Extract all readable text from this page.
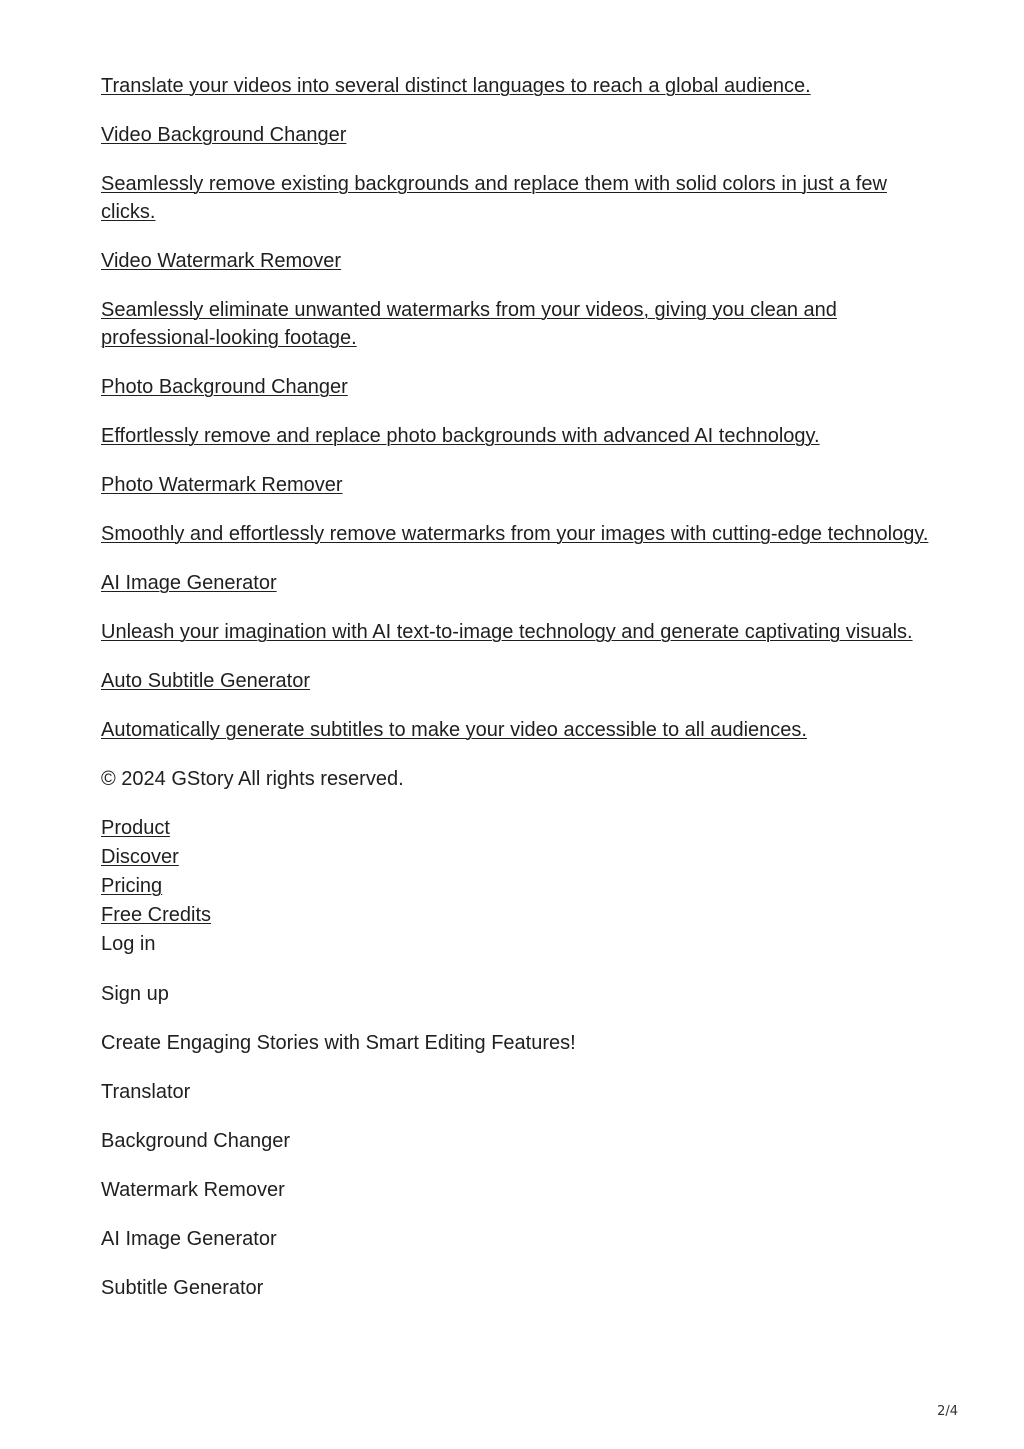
Translate your videos into several distinct languages to reach a global audience.
Video Background Changer
Seamlessly remove existing backgrounds and replace them with solid colors in just a few clicks.
Video Watermark Remover
Seamlessly eliminate unwanted watermarks from your videos, giving you clean and professional-looking footage.
Photo Background Changer
Effortlessly remove and replace photo backgrounds with advanced AI technology.
Photo Watermark Remover
Smoothly and effortlessly remove watermarks from your images with cutting-edge technology.
AI Image Generator
Unleash your imagination with AI text-to-image technology and generate captivating visuals.
Auto Subtitle Generator
Automatically generate subtitles to make your video accessible to all audiences.
© 2024 GStory All rights reserved.
Product
Discover
Pricing
Free Credits
Log in
Sign up
Create Engaging Stories with Smart Editing Features!
Translator
Background Changer
Watermark Remover
AI Image Generator
Subtitle Generator
2/4
